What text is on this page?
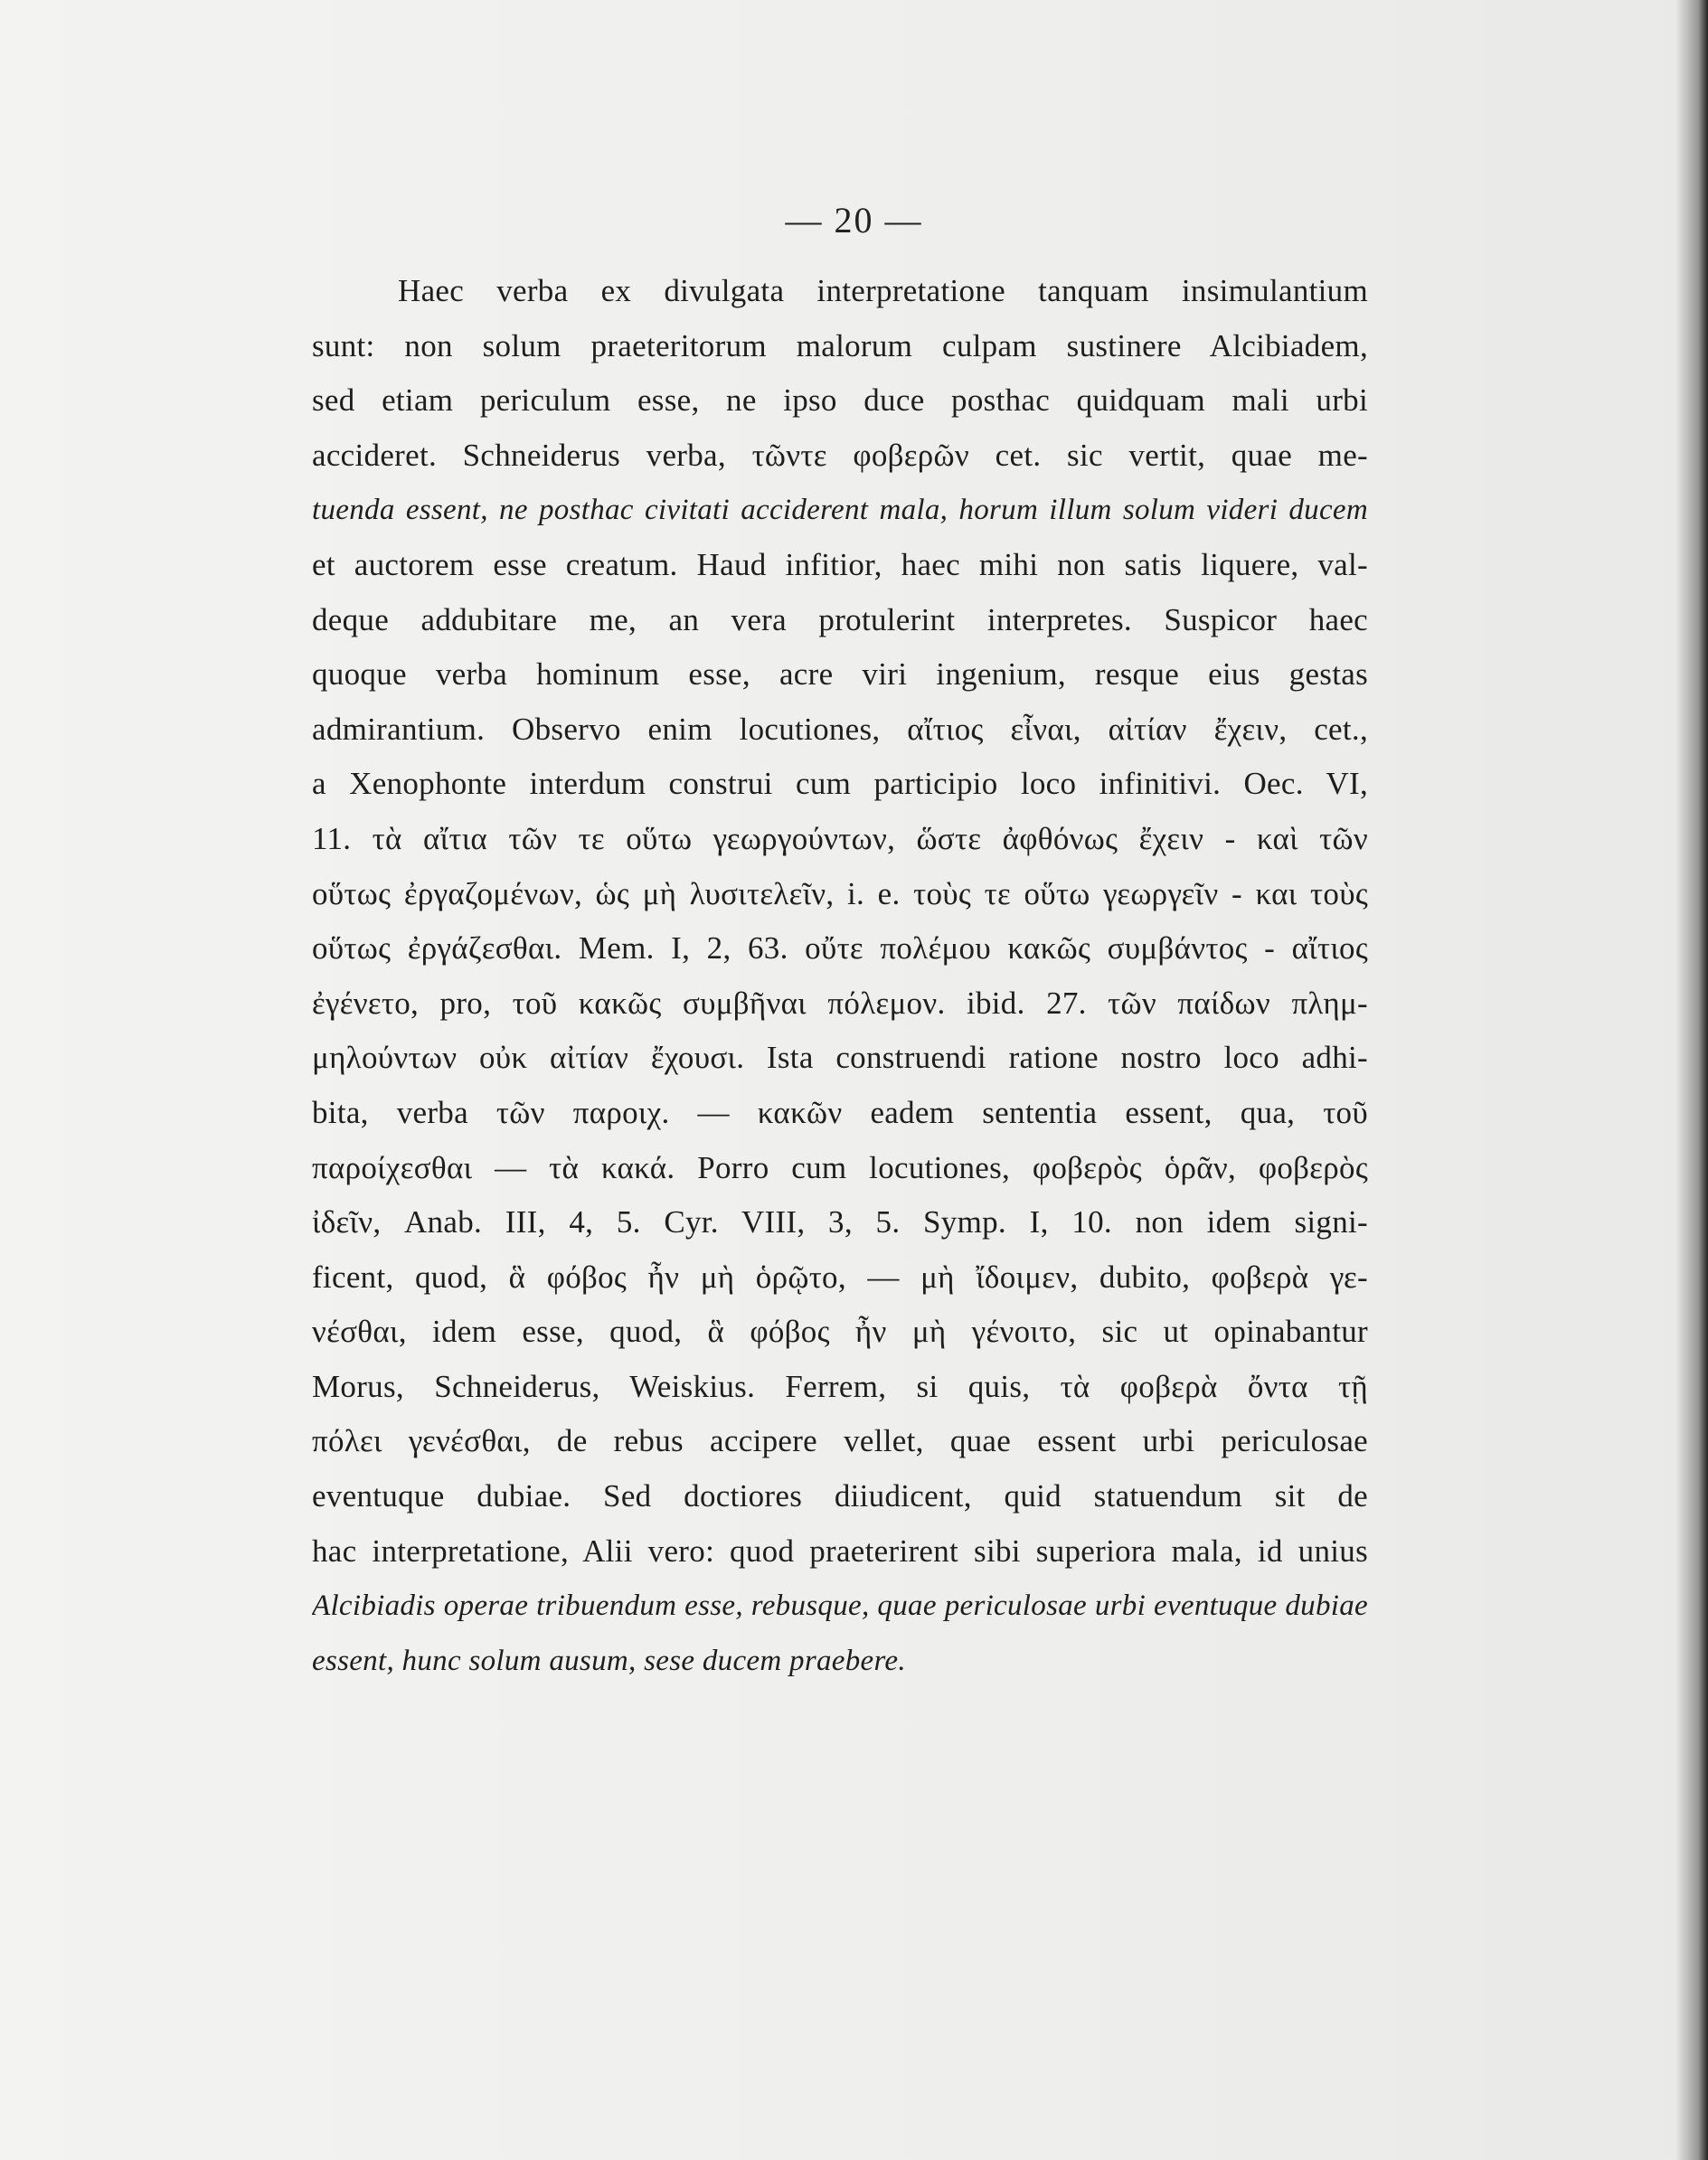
— 20 —
Haec verba ex divulgata interpretatione tanquam insimulantium
sunt: non solum praeteritorum malorum culpam sustinere Alcibiadem,
sed etiam periculum esse, ne ipso duce posthac quidquam mali urbi
accideret. Schneiderus verba, τῶντε φοβερῶν cet. sic vertit, quae me-
tuenda essent, ne posthac civitati acciderent mala, horum illum solum videri ducem
et auctorem esse creatum. Haud infitior, haec mihi non satis liquere, val-
deque addubitare me, an vera protulerint interpretes. Suspicor haec
quoque verba hominum esse, acre viri ingenium, resque eius gestas
admirantium. Observo enim locutiones, αἴτιος εἶναι, αἰτίαν ἔχειν, cet.,
a Xenophonte interdum construi cum participio loco infinitivi. Oec. VI,
11. τὰ αἴτια τῶν τε οὕτω γεωργούντων, ὥστε ἀφθόνως ἔχειν - καὶ τῶν
οὕτως ἐργαζομένων, ὡς μὴ λυσιτελεῖν, i. e. τοὺς τε οὕτω γεωργεῖν - και τοὺς
οὕτως ἐργάζεσθαι. Mem. I, 2, 63. οὔτε πολέμου κακῶς συμβάντος - αἴτιος
ἐγένετο, pro, τοῦ κακῶς συμβῆναι πόλεμον. ibid. 27. τῶν παίδων πλημ-
μηλούντων οὐκ αἰτίαν ἔχουσι. Ista construendi ratione nostro loco adhi-
bita, verba τῶν παροιχ. — κακῶν eadem sententia essent, qua, τοῦ
παροίχεσθαι — τὰ κακά. Porro cum locutiones, φοβερὸς ὁρᾶν, φοβερὸς
ἰδεῖν, Anab. III, 4, 5. Cyr. VIII, 3, 5. Symp. I, 10. non idem signi-
ficent, quod, ἃ φόβος ἦν μὴ ὁρῷτο, — μὴ ἴδοιμεν, dubito, φοβερὰ γε-
νέσθαι, idem esse, quod, ἃ φόβος ἦν μὴ γένοιτο, sic ut opinabantur
Morus, Schneiderus, Weiskius. Ferrem, si quis, τὰ φοβερὰ ὄντα τῇ
πόλει γενέσθαι, de rebus accipere vellet, quae essent urbi periculosae
eventuque dubiae. Sed doctiores diiudicent, quid statuendum sit de
hac interpretatione, Alii vero: quod praeterirent sibi superiora mala, id unius
Alcibiadis operae tribuendum esse, rebusque, quae periculosae urbi eventuque dubiae
essent, hunc solum ausum, sese ducem praebere.
